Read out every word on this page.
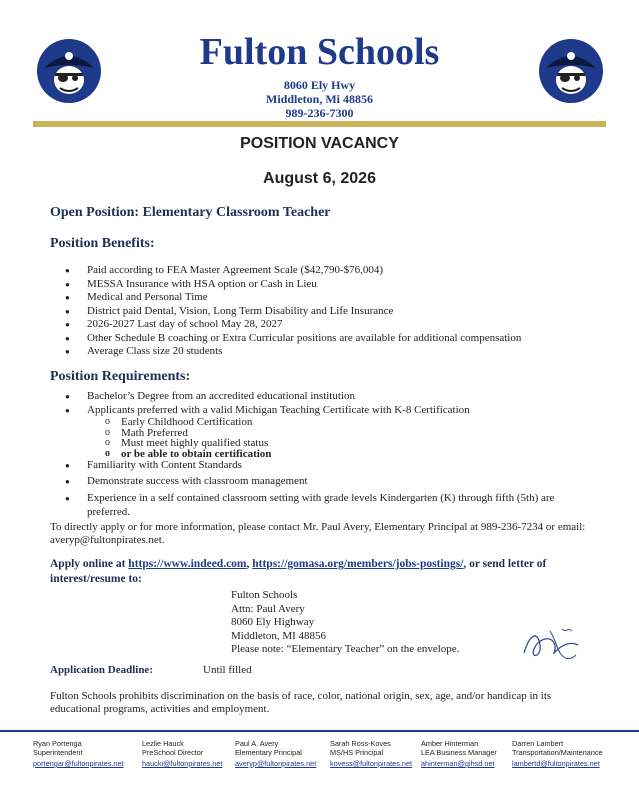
Fulton Schools
8060 Ely Hwy
Middleton, Mi 48856
989-236-7300
POSITION VACANCY
August 6, 2026
Open Position: Elementary Classroom Teacher
Position Benefits:
● Paid according to FEA Master Agreement Scale ($42,790-$76,004)
● MESSA Insurance with HSA option or Cash in Lieu
● Medical and Personal Time
● District paid Dental, Vision, Long Term Disability and Life Insurance
● 2026-2027 Last day of school May 28, 2027
● Other Schedule B coaching or Extra Curricular positions are available for additional compensation
● Average Class size 20 students
Position Requirements:
● Bachelor’s Degree from an accredited educational institution
● Applicants preferred with a valid Michigan Teaching Certificate with K-8 Certification
o Early Childhood Certification
o Math Preferred
o Must meet highly qualified status
o or be able to obtain certification
● Familiarity with Content Standards
● Demonstrate success with classroom management
● Experience in a self contained classroom setting with grade levels Kindergarten (K) through fifth (5th) are preferred.
To directly apply or for more information, please contact Mr. Paul Avery, Elementary Principal at 989-236-7234 or email: averyp@fultonpirates.net.
Apply online at https://www.indeed.com, https://gomasa.org/members/jobs-postings/, or send letter of interest/resume to:
Fulton Schools
Attn: Paul Avery
8060 Ely Highway
Middleton, MI 48856
Please note: “Elementary Teacher” on the envelope.
Application Deadline:	Until filled
Fulton Schools prohibits discrimination on the basis of race, color, national origin, sex, age, and/or handicap in its educational programs, activities and employment.
Ryan Portenga
Superintendent
portengar@fultonpirates.net
Lezlie Hauck
PreSchool Director
haucki@fultonpirates.net
Paul A. Avery
Elementary Principal
averyp@fultonpirates.net
Sarah Ross-Koves
MS/HS Principal
kovess@fultonpirates.net
Amber Hinterman
LEA Business Manager
ahinterman@gihsd.net
Darren Lambert
Transportation/Maintenance
lambertd@fultonpirates.net
